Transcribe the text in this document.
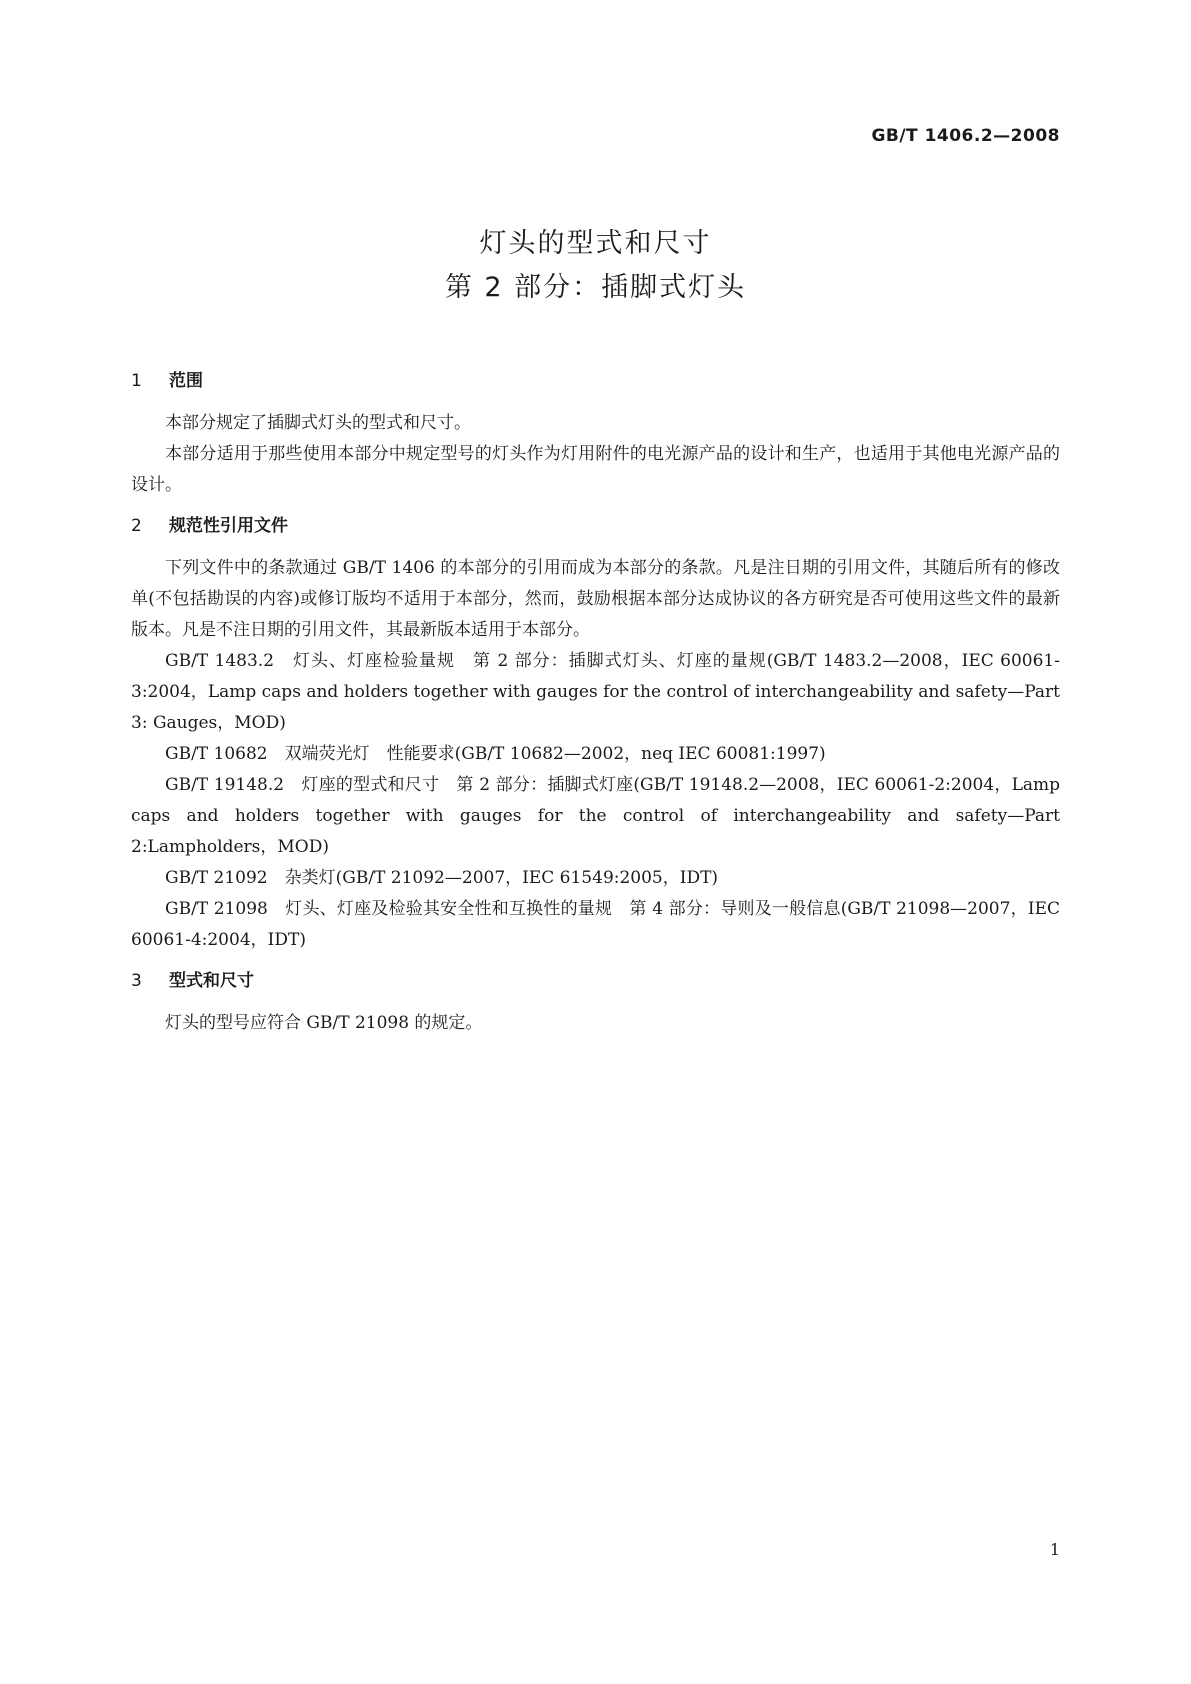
GB/T 1406.2—2008
灯头的型式和尺寸
第 2 部分：插脚式灯头
1 范围

本部分规定了插脚式灯头的型式和尺寸。

本部分适用于那些使用本部分中规定型号的灯头作为灯用附件的电光源产品的设计和生产，也适用于其他电光源产品的设计。

2 规范性引用文件

下列文件中的条款通过 GB/T 1406 的本部分的引用而成为本部分的条款。凡是注日期的引用文件，其随后所有的修改单(不包括勘误的内容)或修订版均不适用于本部分，然而，鼓励根据本部分达成协议的各方研究是否可使用这些文件的最新版本。凡是不注日期的引用文件，其最新版本适用于本部分。

GB/T 1483.2　灯头、灯座检验量规　第 2 部分：插脚式灯头、灯座的量规(GB/T 1483.2—2008，IEC 60061-3:2004，Lamp caps and holders together with gauges for the control of interchangeability and safety—Part 3: Gauges，MOD)

GB/T 10682　双端荧光灯　性能要求(GB/T 10682—2002，neq IEC 60081:1997)

GB/T 19148.2　灯座的型式和尺寸　第 2 部分：插脚式灯座(GB/T 19148.2—2008，IEC 60061-2:2004，Lamp caps and holders together with gauges for the control of interchangeability and safety—Part 2:Lampholders，MOD)

GB/T 21092　杂类灯(GB/T 21092—2007，IEC 61549:2005，IDT)

GB/T 21098　灯头、灯座及检验其安全性和互换性的量规　第 4 部分：导则及一般信息(GB/T 21098—2007，IEC 60061-4:2004，IDT)

3 型式和尺寸

灯头的型号应符合 GB/T 21098 的规定。

1
